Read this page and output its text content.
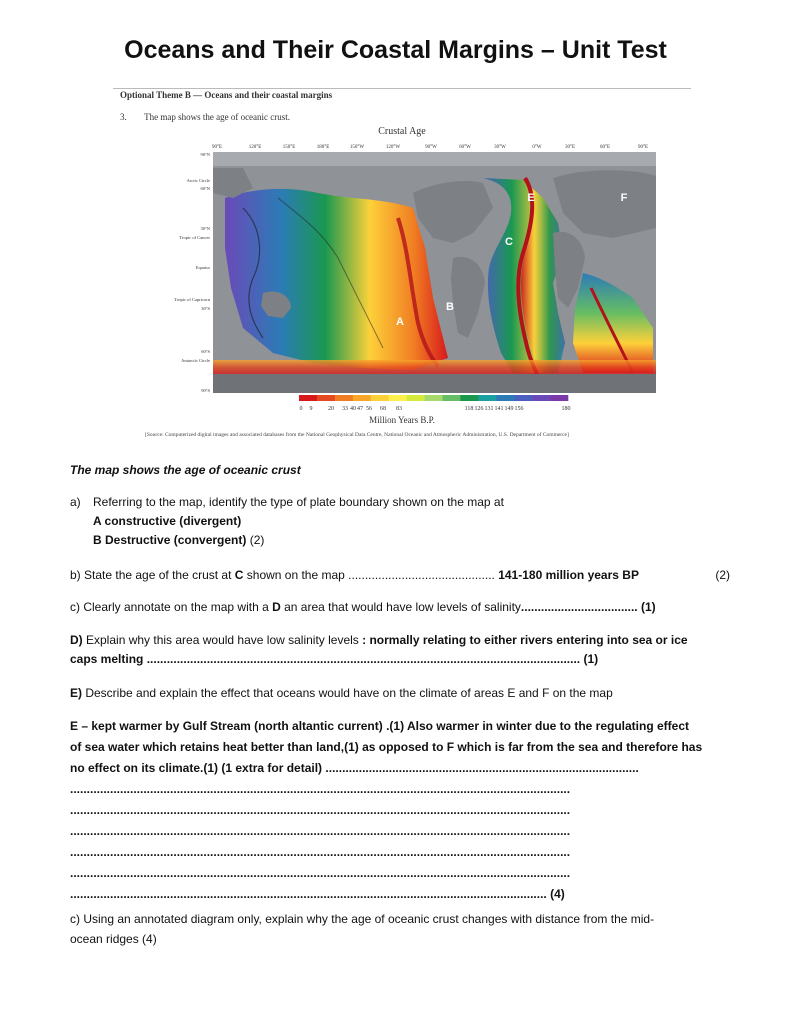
Oceans and Their Coastal Margins – Unit Test
Optional Theme B — Oceans and their coastal margins
3. The map shows the age of oceanic crust.
Crustal Age
90°E	120°E	150°E	180°E	150°W	120°W	90°W	60°W	30°W	0°W	30°E	60°E	90°E
90°N
Arctic Circle
60°N
30°N
Tropic of Cancer
Equator
Tropic of Capricorn
30°S
60°S
Antarctic Circle
90°S
A
B
C
E	F
0 9	20 33 40 47 56 68 83	118 126 131 141 149 156	180
Million Years B.P.
[Source: Computerized digital images and associated databases from the National Geophysical Data Centre, National Oceanic and Atmospheric Administration, U.S. Department of Commerce]
The map shows the age of oceanic crust
a) Referring to the map, identify the type of plate boundary shown on the map at
A constructive (divergent)
B Destructive (convergent) (2)
b) State the age of the crust at C shown on the map ............................................ 141-180 million years BP	(2)
c) Clearly annotate on the map with a D an area that would have low levels of salinity................................... (1)
D) Explain why this area would have low salinity levels : normally relating to either rivers entering into sea or ice
caps melting .................................................................................................................................. (1)
E) Describe and explain the effect that oceans would have on the climate of areas E and F on the map
E – kept warmer by Gulf Stream (north altantic current) .(1) Also warmer in winter due to the regulating effect
of sea water which retains heat better than land,(1) as opposed to F which is far from the sea and therefore has
no effect on its climate.(1) (1 extra for detail) ..............................................................................................
......................................................................................................................................................
......................................................................................................................................................
......................................................................................................................................................
......................................................................................................................................................
......................................................................................................................................................
............................................................................................................................................... (4)
c) Using an annotated diagram only, explain why the age of oceanic crust changes with distance from the mid-
ocean ridges (4)
